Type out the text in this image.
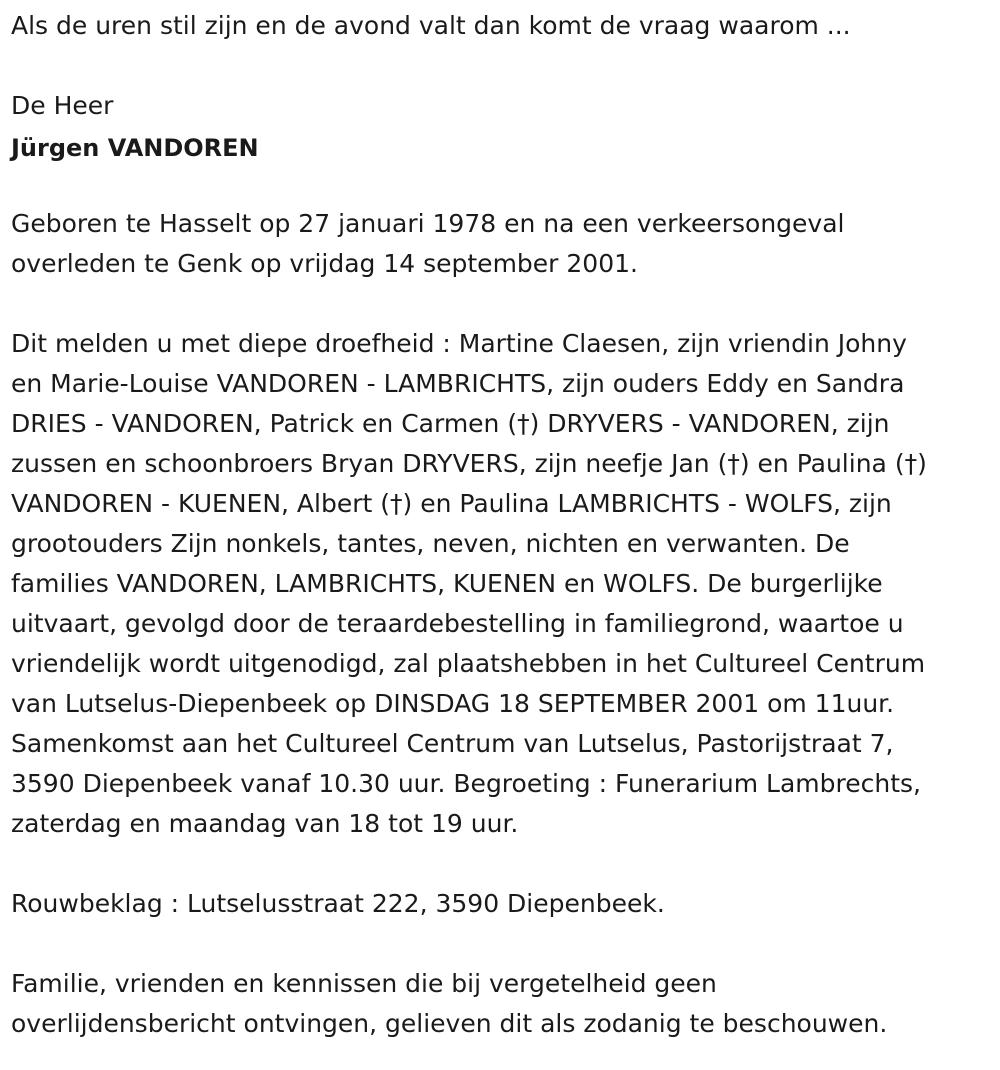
Als de uren stil zijn en de avond valt dan komt de vraag waarom ...

De Heer

Jürgen VANDOREN

Geboren te Hasselt op 27 januari 1978 en na een verkeersongeval

overleden te Genk op vrijdag 14 september 2001.

Dit melden u met diepe droefheid : Martine Claesen, zijn vriendin Johny

en Marie-Louise VANDOREN - LAMBRICHTS, zijn ouders Eddy en Sandra

DRIES - VANDOREN, Patrick en Carmen (†) DRYVERS - VANDOREN, zijn

zussen en schoonbroers Bryan DRYVERS, zijn neefje Jan (†) en Paulina (†)

VANDOREN - KUENEN, Albert (†) en Paulina LAMBRICHTS - WOLFS, zijn

grootouders Zijn nonkels, tantes, neven, nichten en verwanten. De

families VANDOREN, LAMBRICHTS, KUENEN en WOLFS. De burgerlijke

uitvaart, gevolgd door de teraardebestelling in familiegrond, waartoe u

vriendelijk wordt uitgenodigd, zal plaatshebben in het Cultureel Centrum

van Lutselus-Diepenbeek op DINSDAG 18 SEPTEMBER 2001 om 11uur.

Samenkomst aan het Cultureel Centrum van Lutselus, Pastorijstraat 7,

3590 Diepenbeek vanaf 10.30 uur. Begroeting : Funerarium Lambrechts,

zaterdag en maandag van 18 tot 19 uur.

Rouwbeklag : Lutselusstraat 222, 3590 Diepenbeek.

Familie, vrienden en kennissen die bij vergetelheid geen

overlijdensbericht ontvingen, gelieven dit als zodanig te beschouwen.
